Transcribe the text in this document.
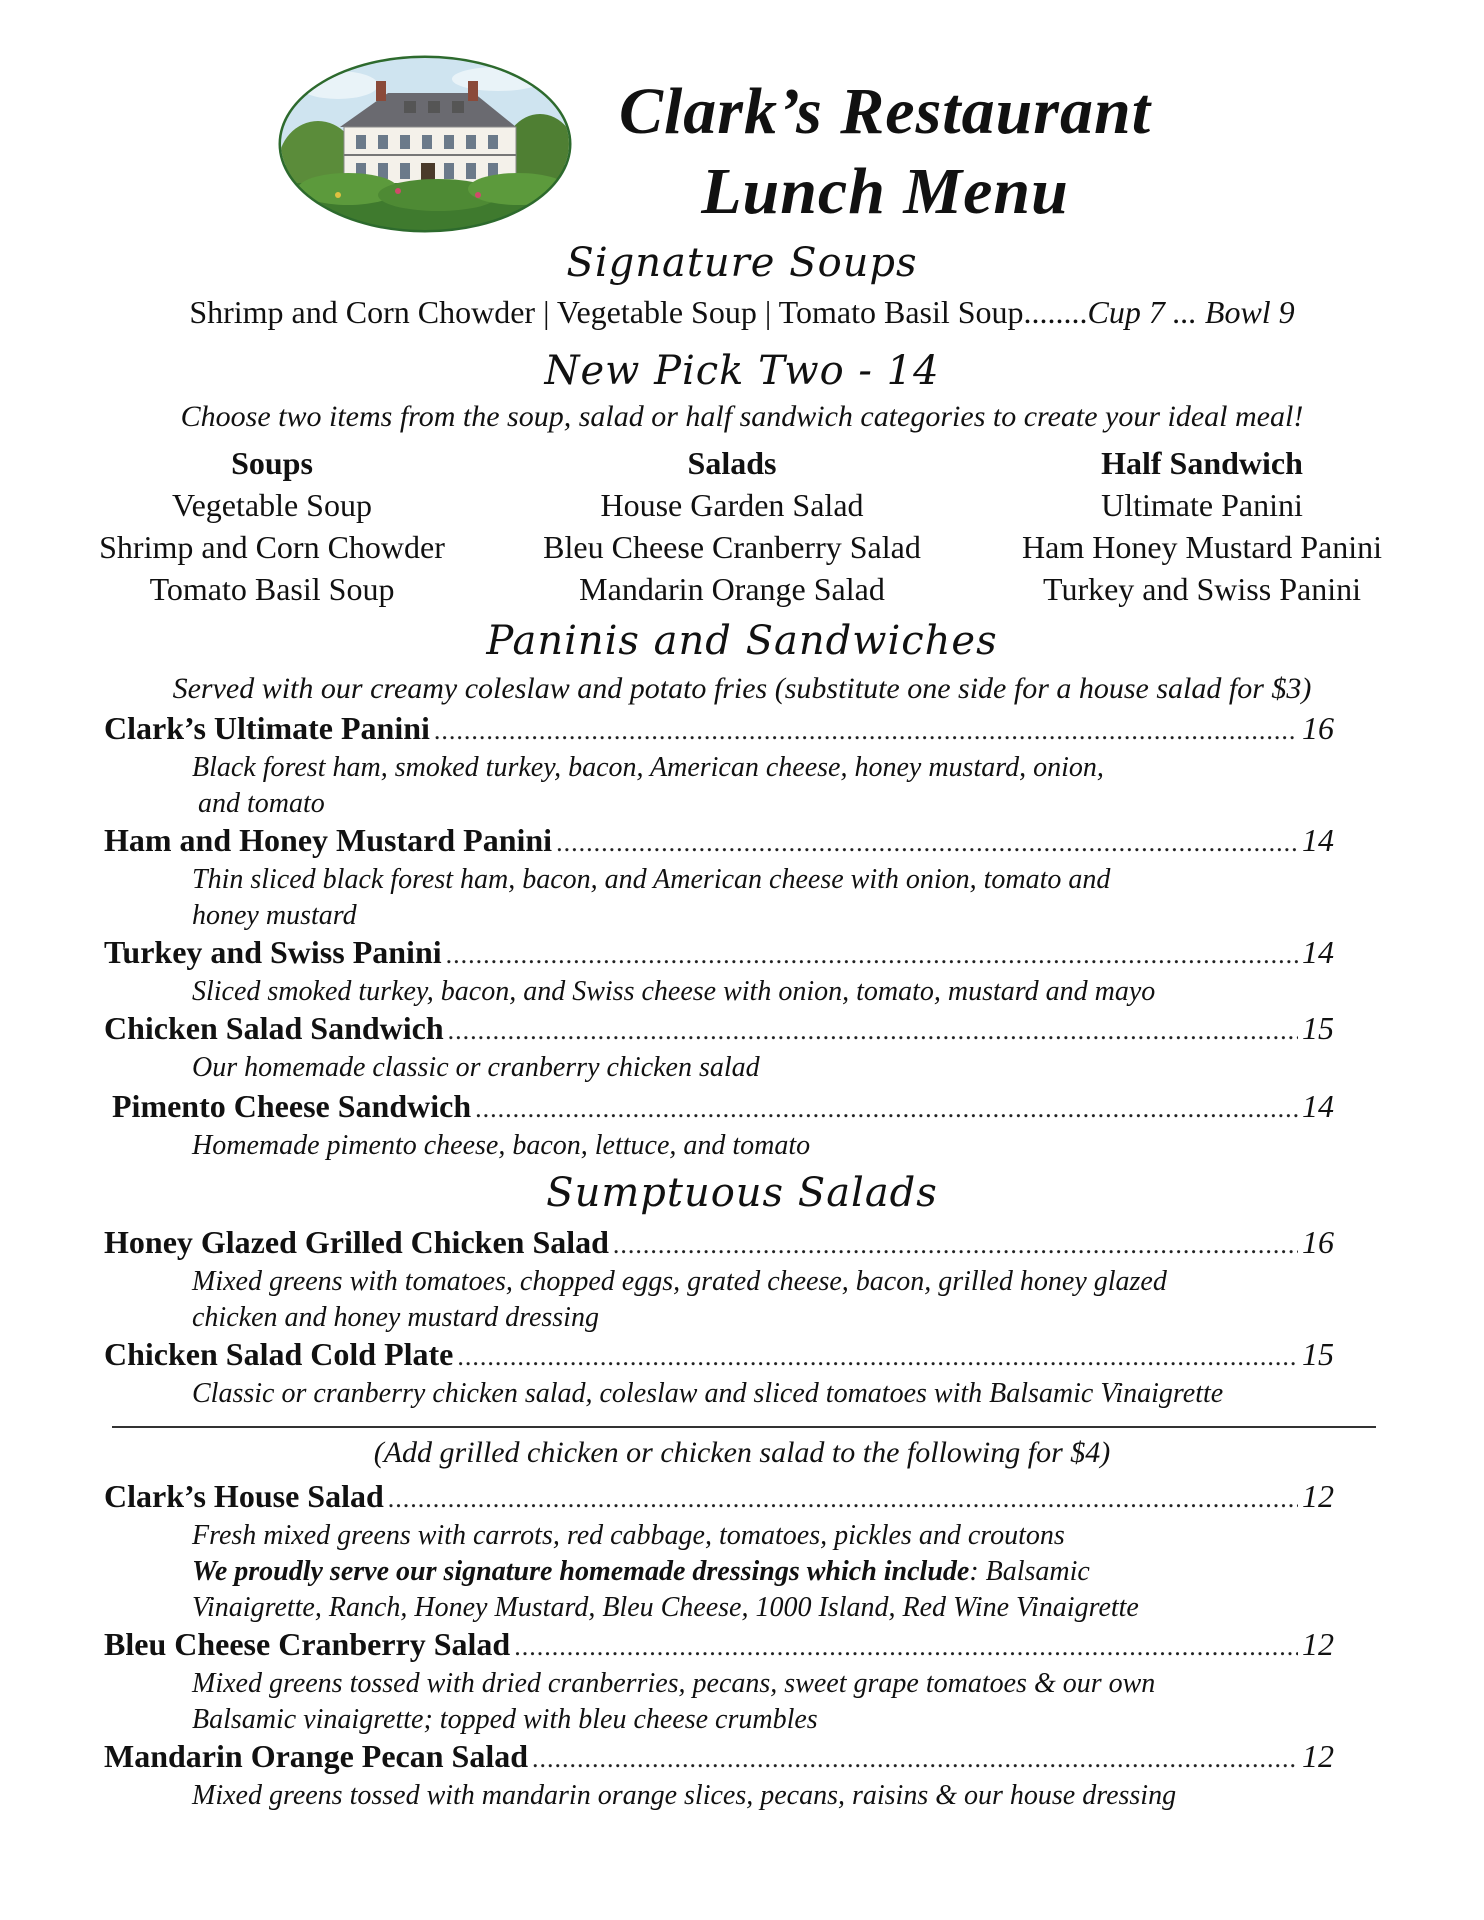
Clark’s Restaurant
Lunch Menu
Signature Soups
Shrimp and Corn Chowder | Vegetable Soup | Tomato Basil Soup........Cup 7 ... Bowl 9
New Pick Two - 14
Choose two items from the soup, salad or half sandwich categories to create your ideal meal!
Soups
Vegetable Soup
Shrimp and Corn Chowder
Tomato Basil Soup
Salads
House Garden Salad
Bleu Cheese Cranberry Salad
Mandarin Orange Salad
Half Sandwich
Ultimate Panini
Ham Honey Mustard Panini
Turkey and Swiss Panini
Paninis and Sandwiches
Served with our creamy coleslaw and potato fries (substitute one side for a house salad for $3)
Clark’s Ultimate Panini .....	16
Black forest ham, smoked turkey, bacon, American cheese, honey mustard, onion,
and tomato
Ham and Honey Mustard Panini .....	14
Thin sliced black forest ham, bacon, and American cheese with onion, tomato and
honey mustard
Turkey and Swiss Panini .....	14
Sliced smoked turkey, bacon, and Swiss cheese with onion, tomato, mustard and mayo
Chicken Salad Sandwich .....	15
Our homemade classic or cranberry chicken salad
Pimento Cheese Sandwich .....	14
Homemade pimento cheese, bacon, lettuce, and tomato
Sumptuous Salads
Honey Glazed Grilled Chicken Salad .....	16
Mixed greens with tomatoes, chopped eggs, grated cheese, bacon, grilled honey glazed
chicken and honey mustard dressing
Chicken Salad Cold Plate .....	15
Classic or cranberry chicken salad, coleslaw and sliced tomatoes with Balsamic Vinaigrette
(Add grilled chicken or chicken salad to the following for $4)
Clark’s House Salad .....	12
Fresh mixed greens with carrots, red cabbage, tomatoes, pickles and croutons
We proudly serve our signature homemade dressings which include: Balsamic
Vinaigrette, Ranch, Honey Mustard, Bleu Cheese, 1000 Island, Red Wine Vinaigrette
Bleu Cheese Cranberry Salad .....	12
Mixed greens tossed with dried cranberries, pecans, sweet grape tomatoes & our own
Balsamic vinaigrette; topped with bleu cheese crumbles
Mandarin Orange Pecan Salad .....	12
Mixed greens tossed with mandarin orange slices, pecans, raisins & our house dressing
